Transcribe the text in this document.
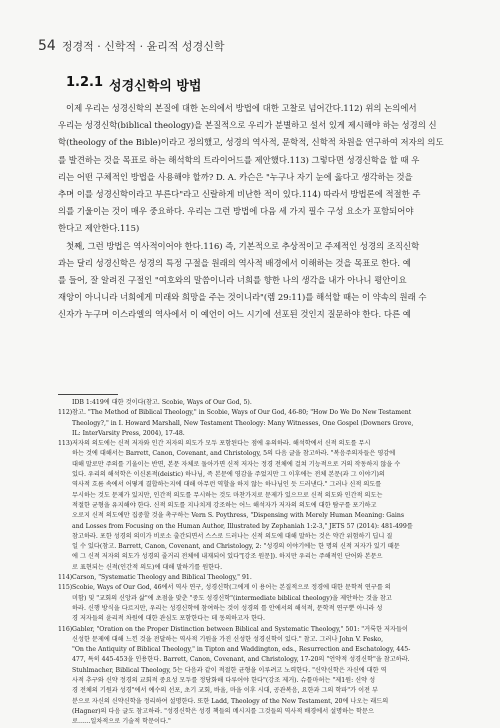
54 정경적 · 신학적 · 윤리적 성경신학
1.2.1 성경신학의 방법
이제 우리는 성경신학의 본질에 대한 논의에서 방법에 대한 고찰로 넘어간다.112) 위의 논의에서
우리는 성경신학(biblical theology)을 본질적으로 우리가 분별하고 설서 있게 제시해야 하는 성경의 신
학(theology of the Bible)이라고 정의했고, 성경의 역사적, 문학적, 신학적 차원을 연구하여 저자의 의도
를 발견하는 것을 목표로 하는 해석학의 트라이어드를 제안했다.113) 그렇다면 성경신학을 할 때 우
리는 어떤 구체적인 방법을 사용해야 할까? D. A. 카슨은 "누구나 자기 눈에 옳다고 생각하는 것을
추며 이를 성경신학이라고 부른다"라고 신랄하게 비난한 적이 있다.114) 따라서 방법론에 적절한 주
의를 기울이는 것이 매우 중요하다. 우리는 그런 방법에 다음 세 가지 필수 구성 요소가 포함되어야
한다고 제안한다.115)
첫째, 그런 방법은 역사적이어야 한다.116) 즉, 기본적으로 추상적이고 주제적인 성경의 조직신학
과는 달리 성경신학은 성경의 특정 구절을 원래의 역사적 배경에서 이해하는 것을 목표로 한다. 예
를 들어, 잘 알려진 구절인 "여호와의 말씀이니라 너희를 향한 나의 생각을 내가 아나니 평안이요
재앙이 아니니라 너희에게 미래와 희망을 주는 것이니라"(렘 29:11)를 해석할 때는 이 약속의 원래 수
신자가 누구며 이스라엘의 역사에서 이 예언이 어느 시기에 선포된 것인지 질문하야 한다. 다른 예
IDB 1:419에 대한 것이다(참고. Scobie, Ways of Our God, 5).
112)참고. "The Method of Biblical Theology," in Scobie, Ways of Our God, 46-80; "How Do We Do New Testament
Theology?," in I. Howard Marshall, New Testament Theology: Many Witnesses, One Gospel (Downers Grove,
IL: InterVarsity Press, 2004), 17-48.
113)저자의 의도에는 신적 저자와 인간 저자의 의도가 모두 포함된다는 점에 유의하라. 해석학에서 신적 의도를 무시
하는 것에 대해서는 Barrett, Canon, Covenant, and Christology, 5의 다음 글을 참고하라. "복음주의자들은 영감에
대해 말로만 주의를 기울이는 반면, 본문 자체로 돌아가면 신적 저자는 정경 전체에 걸쳐 기능적으로 거의 작동하지 않을 수
있다. 우리의 해석학은 이신론적(deistic) 하나님, 즉 본문에 영감을 주었지만 그 이후에는 전체 본문(과 그 이야기)의
역사적 흐름 속에서 어떻게 결합하는지에 대해 아무런 역할을 하지 않는 하나님인 듯 드러낸다." 그러나 신적 의도를
무시하는 것도 문제가 있지만, 인간적 의도를 무시하는 것도 마찬가지로 문제가 있으므로 신적 의도와 인간적 의도는
적절한 균형을 유지해야 한다. 신적 의도를 지나치게 강조하는 어느 해석자가 저자의 의도에 대한 탐구를 포기하고
오로지 신적 의도에만 집중할 것을 촉구하는 Vern S. Poythress, "Dispensing with Merely Human Meaning: Gains
and Losses from Focusing on the Human Author, Illustrated by Zephaniah 1:2-3," JETS 57 (2014): 481-499를
참고하라. 포한 성경의 의미가 비로소 출간되면서 스스로 드러나는 신적 의도에 대해 말하는 것은 약간 위험하기 딥니 질
일 수 있다(참고. Barrett, Canon, Covenant, and Christology, 2: "성경의 이야기에는 한 명의 신적 저자가 있기 때문
에 그 신적 저자의 의도가 성경의 줄거리 전체에 내재되어 있다"[강조 원문]). 하지만 우리는 주해적인 단어와 본문으
로 표현되는 신적(인간적 의도)에 대해 말하기를 원한다.
114)Carson, "Systematic Theology and Biblical Theology," 91.
115)Scobie, Ways of Our God, 46에서 역사 연구, 성경신학(그에게 이 용어는 본질적으로 정경에 대한 문학적 연구를 의
미함) 및 "교회의 신앙과 삶"에 초점을 맞춘 "중도 성경신학"(intermediate biblical theology)을 제안하는 것을 참고
하라. 신행 방식을 다르지만, 우리는 성경신학에 참여하는 것이 성경의 틀 안에서의 해석적, 문학적 연구뿐 아니라 성
경 저자들의 윤리적 차원에 대한 관심도 포함한다는 데 동의하고자 한다.
116)Gabler, "Oration on the Proper Distinction between Biblical and Systematic Theology," 501: "거룩한 저자들이
신성한 문제에 대해 느낀 것을 전달하는 역사적 기원을 가진 신성한 성경신학이 있다." 참고. 그러나 John V. Fesko,
"On the Antiquity of Biblical Theology," in Tipton and Waddington, eds., Resurrection and Eschatology, 445-
477, 특히 445-453을 인용한다. Barrett, Canon, Covenant, and Christology, 17-20의 "언약적 성경신학"을 참고하라.
Stuhlmacher, Biblical Theology, 5는 다음과 같이 적절한 균형을 이루려고 노력한다. "신약신학은 자신에 대한 역
사적 추구와 신약 정경의 교회적 중요성 모두를 정당화해 다루어야 한다"(강조 제거). 슈틀마허는 "제1원: 신약 성
경 전체의 기원과 성경"에서 예수의 선포, 초기 교회, 바울, 마을 이후 시대, 공관복음, 요한과 그의 학파"가 이전 부
분으로 자신의 신약신학을 정리하여 설명한다. 또한 Ladd, Theology of the New Testament, 20에 나오는 래드의
(Hagner)의 다음 글도 참고하라. "성경신학은 성경 책들의 메시지를 그것들의 역사적 배경에서 설명하는 학문으
로……일차적으로 기술적 학문이다."
